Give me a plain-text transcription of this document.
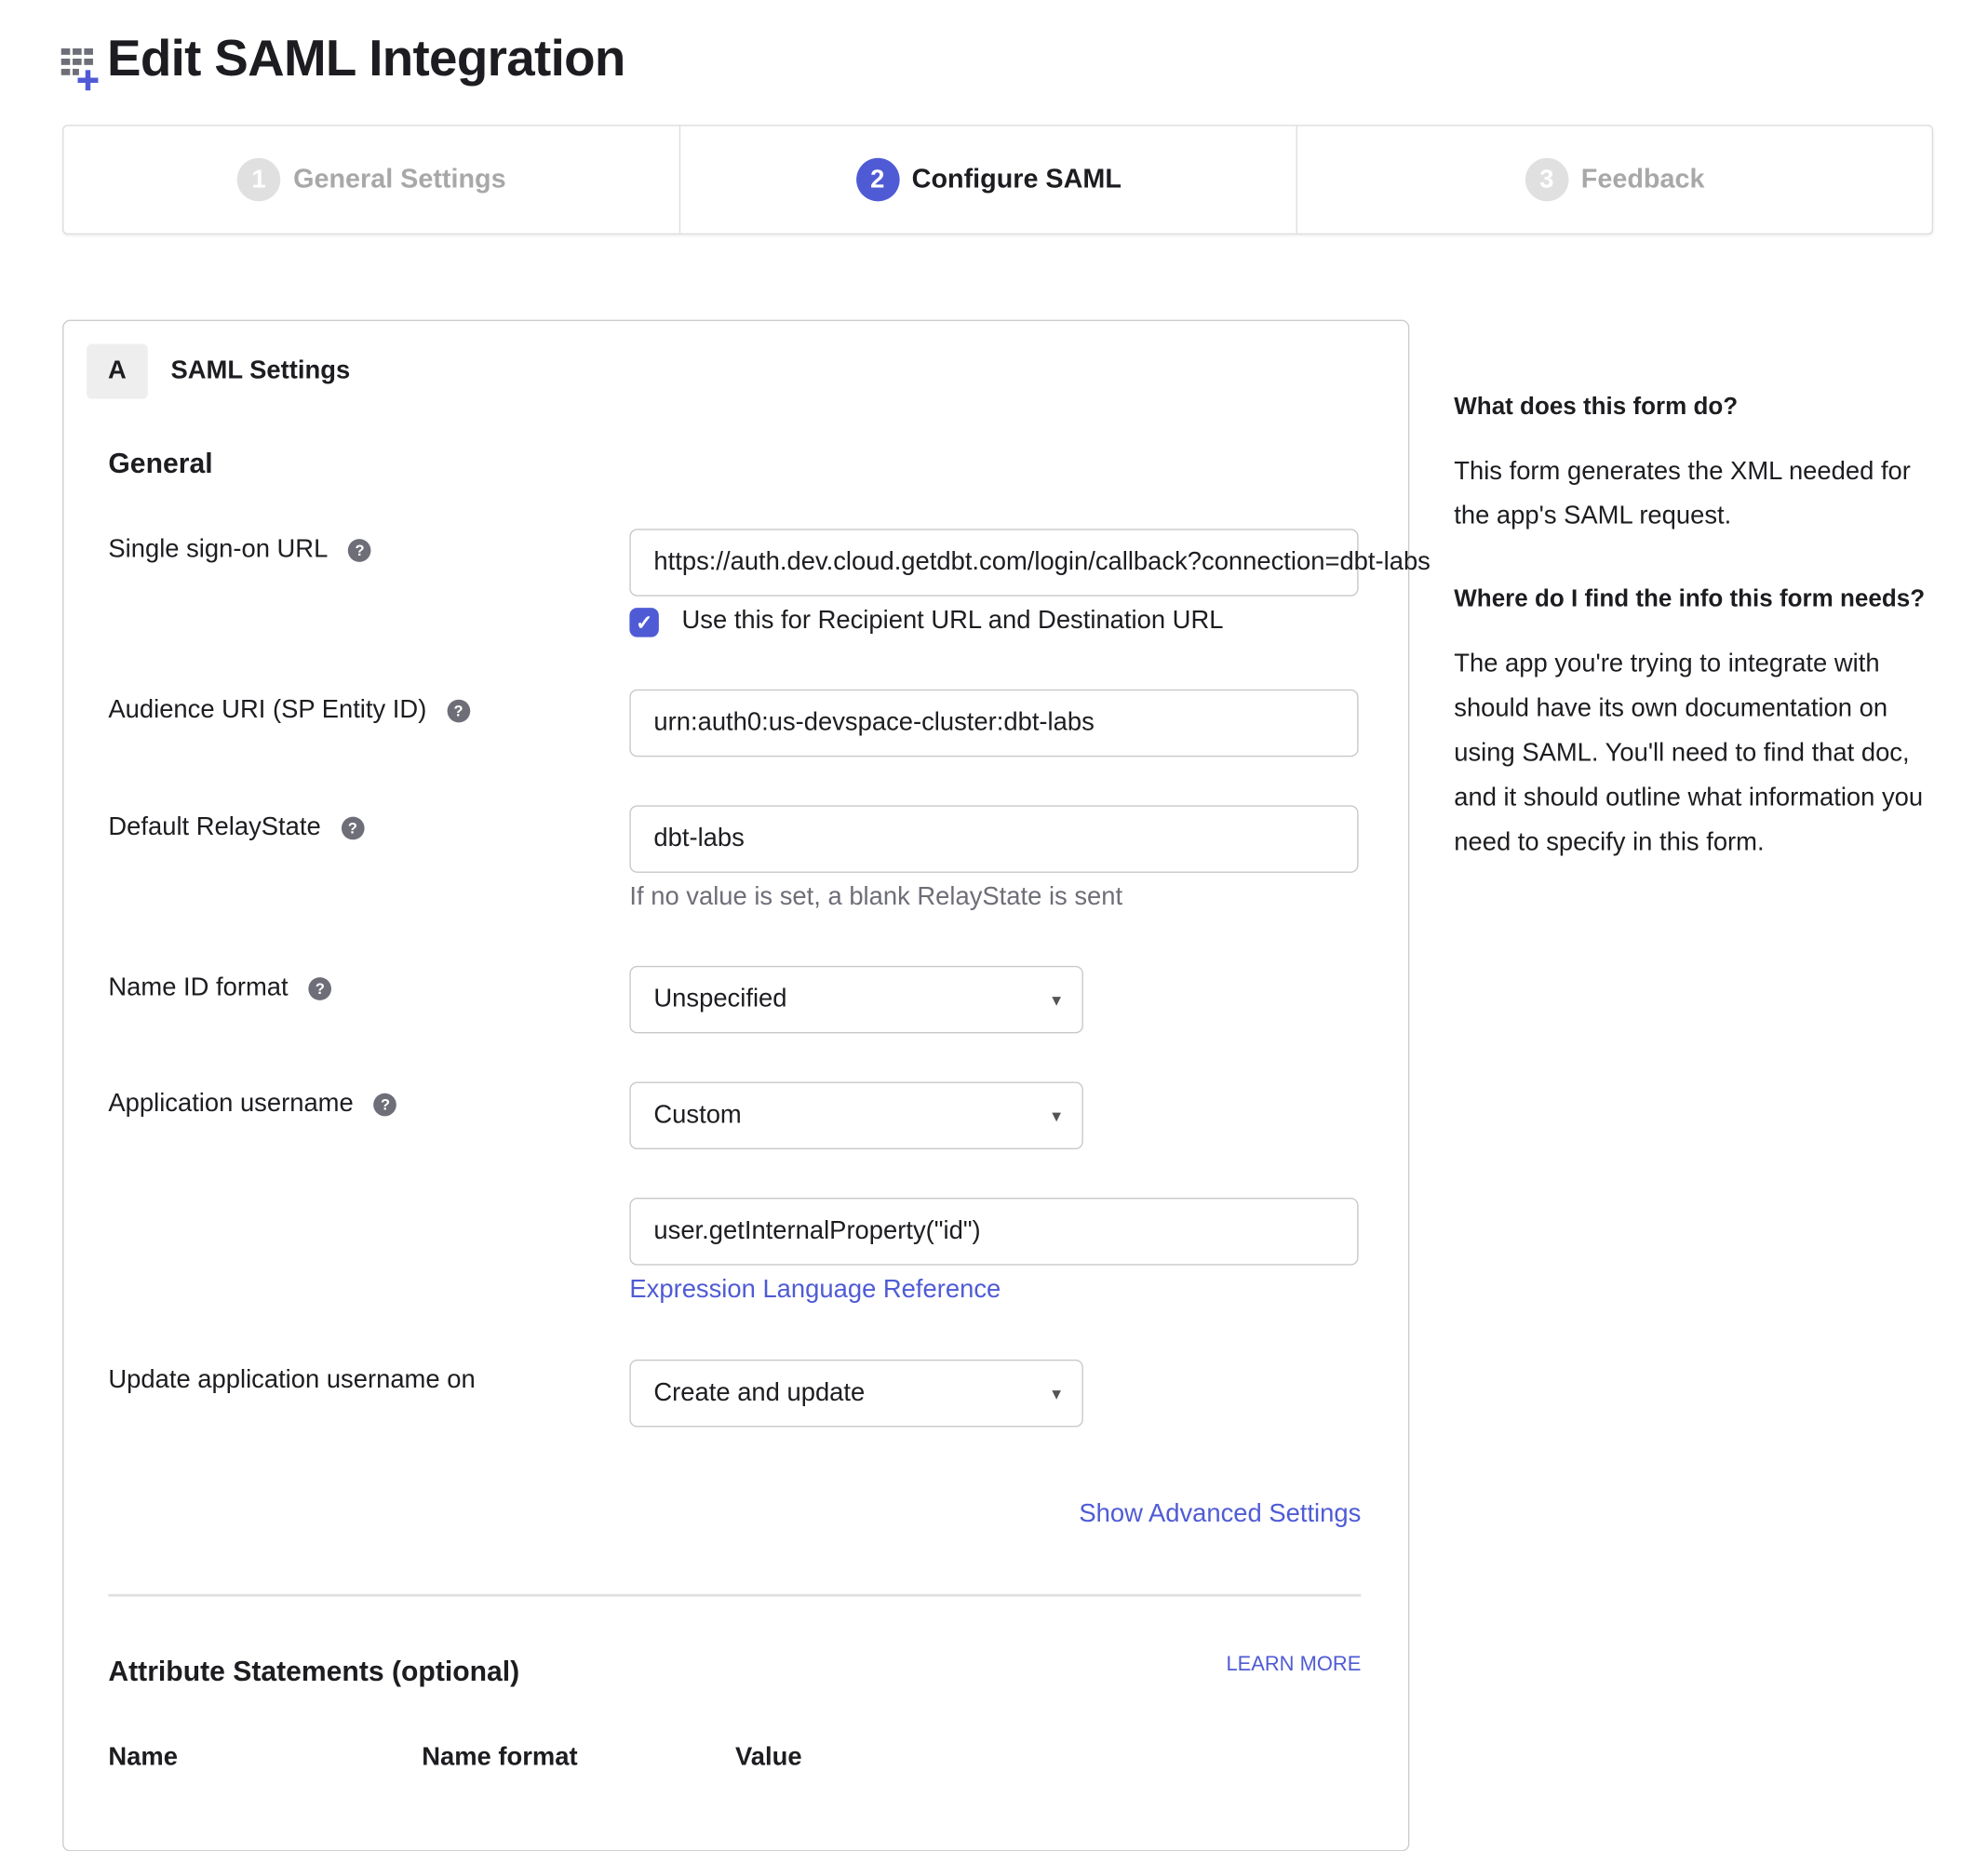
Edit SAML Integration
1	General Settings	2	Configure SAML	3	Feedback
A	SAML Settings
General
Single sign-on URL	?	https://auth.dev.cloud.getdbt.com/login/callback?connection=dbt-labs
✓ Use this for Recipient URL and Destination URL
Audience URI (SP Entity ID)	?	urn:auth0:us-devspace-cluster:dbt-labs
Default RelayState	?	dbt-labs
If no value is set, a blank RelayState is sent
Name ID format	?	Unspecified	▼
Application username	?	Custom	▼
user.getInternalProperty("id")
Expression Language Reference
Update application username on	Create and update	▼
Show Advanced Settings
Attribute Statements (optional)	LEARN MORE
Name	Name format	Value
What does this form do?

This form generates the XML needed for the app's SAML request.

Where do I find the info this form needs?

The app you're trying to integrate with should have its own documentation on using SAML. You'll need to find that doc, and it should outline what information you need to specify in this form.
